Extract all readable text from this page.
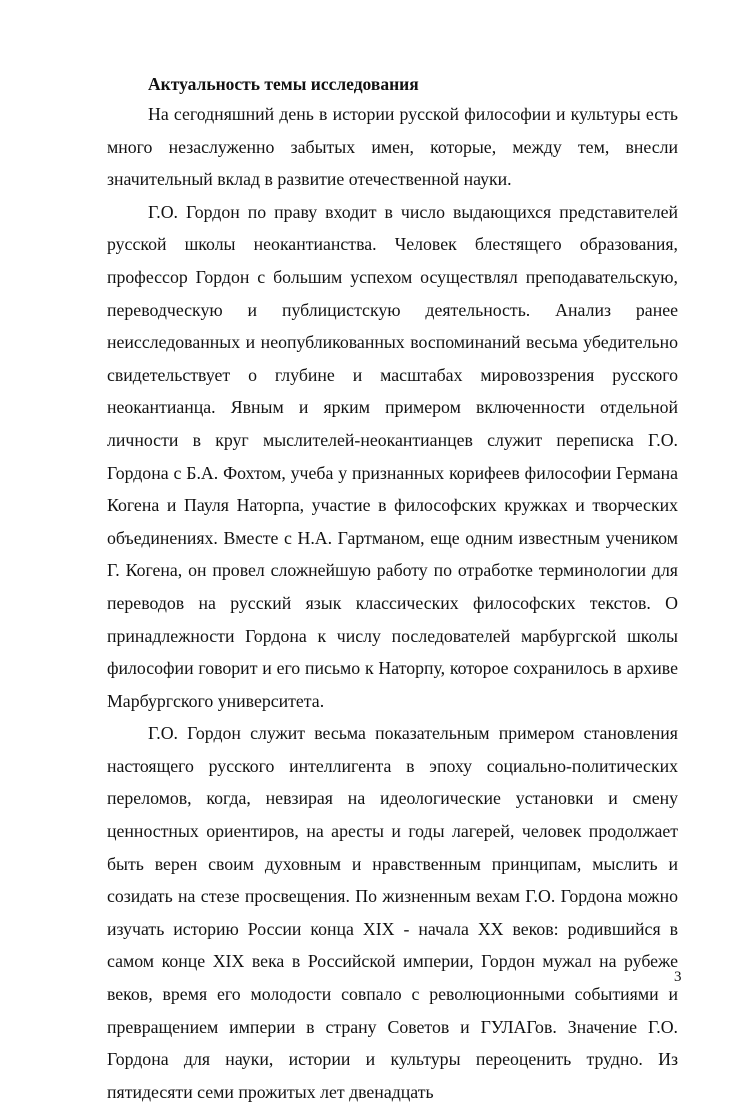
Актуальность темы исследования

На сегодняшний день в истории русской философии и культуры есть много незаслуженно забытых имен, которые, между тем, внесли значительный вклад в развитие отечественной науки.

Г.О. Гордон по праву входит в число выдающихся представителей русской школы неокантианства. Человек блестящего образования, профессор Гордон с большим успехом осуществлял преподавательскую, переводческую и публицистскую деятельность. Анализ ранее неисследованных и неопубликованных воспоминаний весьма убедительно свидетельствует о глубине и масштабах мировоззрения русского неокантианца. Явным и ярким примером включенности отдельной личности в круг мыслителей-неокантианцев служит переписка Г.О. Гордона с Б.А. Фохтом, учеба у признанных корифеев философии Германа Когена и Пауля Наторпа, участие в философских кружках и творческих объединениях. Вместе с Н.А. Гартманом, еще одним известным учеником Г. Когена, он провел сложнейшую работу по отработке терминологии для переводов на русский язык классических философских текстов. О принадлежности Гордона к числу последователей марбургской школы философии говорит и его письмо к Наторпу, которое сохранилось в архиве Марбургского университета.

Г.О. Гордон служит весьма показательным примером становления настоящего русского интеллигента в эпоху социально-политических переломов, когда, невзирая на идеологические установки и смену ценностных ориентиров, на аресты и годы лагерей, человек продолжает быть верен своим духовным и нравственным принципам, мыслить и созидать на стезе просвещения. По жизненным вехам Г.О. Гордона можно изучать историю России конца XIX - начала XX веков: родившийся в самом конце XIX века в Российской империи, Гордон мужал на рубеже веков, время его молодости совпало с революционными событиями и превращением империи в страну Советов и ГУЛАГов. Значение Г.О. Гордона для науки, истории и культуры переоценить трудно. Из пятидесяти семи прожитых лет двенадцать

3
